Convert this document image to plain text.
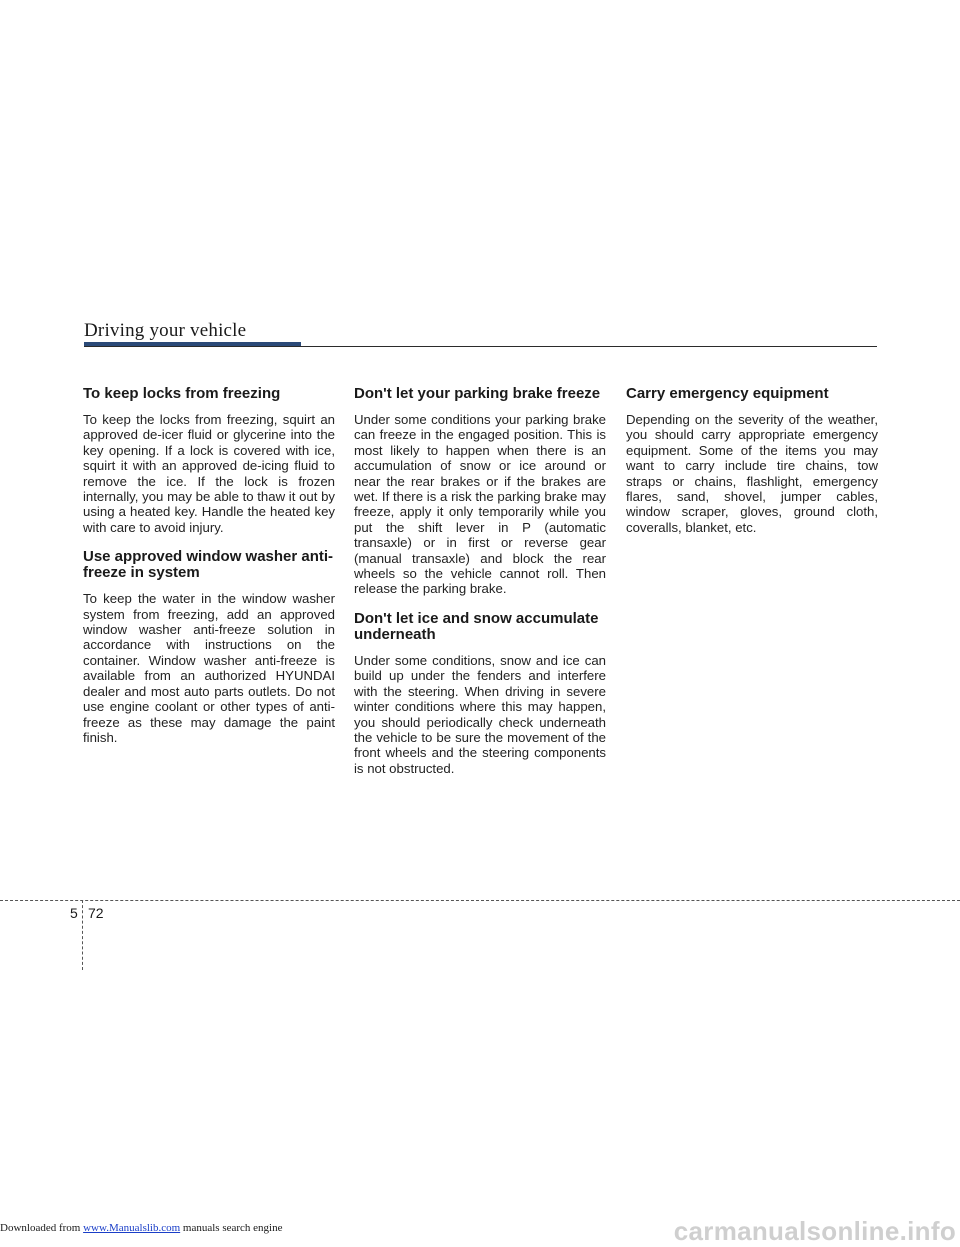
Driving your vehicle
To keep locks from freezing

To keep the locks from freezing, squirt an approved de-icer fluid or glycerine into the key opening. If a lock is covered with ice, squirt it with an approved de-icing fluid to remove the ice. If the lock is frozen internally, you may be able to thaw it out by using a heated key. Handle the heated key with care to avoid injury.

Use approved window washer anti-freeze in system

To keep the water in the window washer system from freezing, add an approved window washer anti-freeze solution in accordance with instructions on the container. Window washer anti-freeze is available from an authorized HYUNDAI dealer and most auto parts outlets. Do not use engine coolant or other types of anti-freeze as these may damage the paint finish.

Don't let your parking brake freeze

Under some conditions your parking brake can freeze in the engaged position. This is most likely to happen when there is an accumulation of snow or ice around or near the rear brakes or if the brakes are wet. If there is a risk the parking brake may freeze, apply it only temporarily while you put the shift lever in P (automatic transaxle) or in first or reverse gear (manual transaxle) and block the rear wheels so the vehicle cannot roll. Then release the parking brake.

Don't let ice and snow accumulate underneath

Under some conditions, snow and ice can build up under the fenders and interfere with the steering. When driving in severe winter conditions where this may happen, you should periodically check underneath the vehicle to be sure the movement of the front wheels and the steering components is not obstructed.

Carry emergency equipment

Depending on the severity of the weather, you should carry appropriate emergency equipment. Some of the items you may want to carry include tire chains, tow straps or chains, flashlight, emergency flares, sand, shovel, jumper cables, window scraper, gloves, ground cloth, coveralls, blanket, etc.

5 72
Downloaded from www.Manualslib.com manuals search engine	carmanualsonline.info
